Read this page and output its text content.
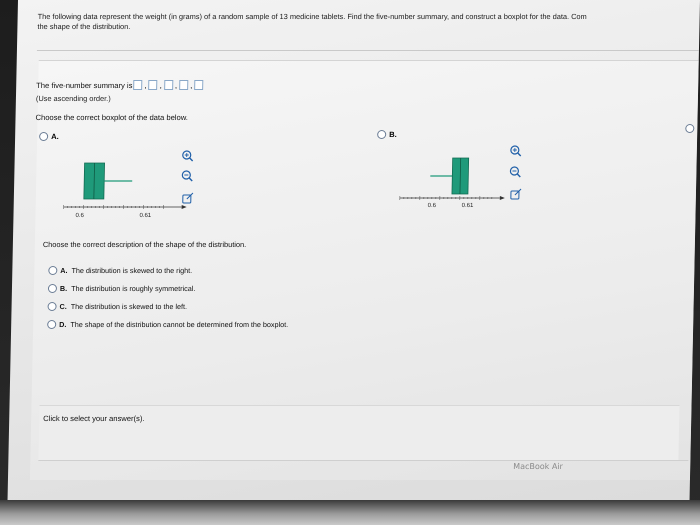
The following data represent the weight (in grams) of a random sample of 13 medicine tablets. Find the five-number summary, and construct a boxplot for the data. Com
the shape of the distribution.
The five-number summary is , , , ,
(Use ascending order.)
Choose the correct boxplot of the data below.
A.	B.
0.6	0.61
0.6	0.61
Choose the correct description of the shape of the distribution.
A. The distribution is skewed to the right.
B. The distribution is roughly symmetrical.
C. The distribution is skewed to the left.
D. The shape of the distribution cannot be determined from the boxplot.
Click to select your answer(s).
MacBook Air
